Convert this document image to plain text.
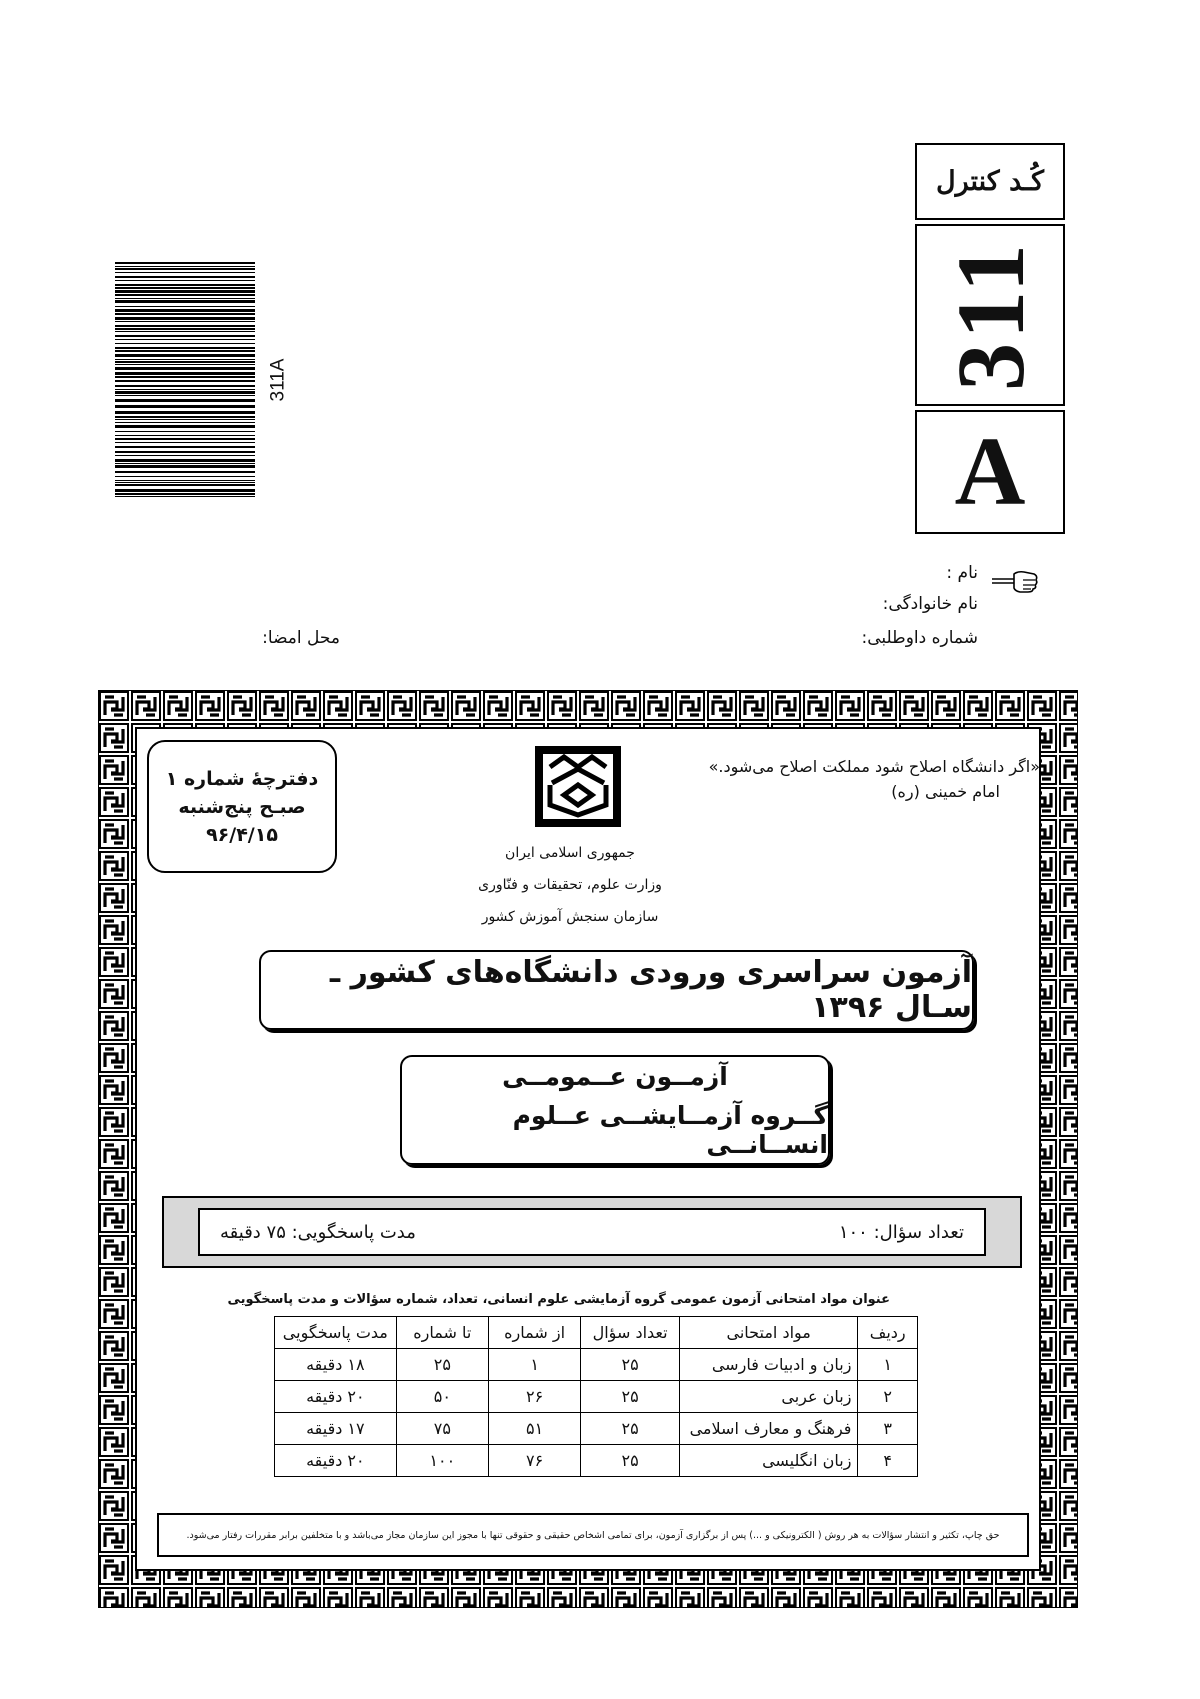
کُـد کنترل
311
A
311A
نام :
نام خانوادگی:
شماره داوطلبی:
محل امضا:
«اگر دانشگاه اصلاح شود مملکت اصلاح می‌شود.»
امام خمینی (ره)
دفترچهٔ شماره ۱
صبـح پنج‌شنبه
۹۶/۴/۱۵
جمهوری اسلامی ایران
وزارت علوم، تحقیقات و فنّاوری
سازمان سنجش آموزش کشور
آزمون سراسری ورودی دانشگاه‌های کشور ـ سـال ۱۳۹۶
آزمــون عــمومــی
گــروه آزمــایشــی عــلوم انســانــی
تعداد سؤال: ۱۰۰
مدت پاسخگویی: ۷۵ دقیقه
عنوان مواد امتحانی آزمون عمومی گروه آزمایشی علوم انسانی، تعداد، شماره سؤالات و مدت پاسخگویی
ردیف	مواد امتحانی	تعداد سؤال	از شماره	تا شماره	مدت پاسخگویی
۱	زبان و ادبیات فارسی	۲۵	۱	۲۵	۱۸ دقیقه
۲	زبان عربی	۲۵	۲۶	۵۰	۲۰ دقیقه
۳	فرهنگ و معارف اسلامی	۲۵	۵۱	۷۵	۱۷ دقیقه
۴	زبان انگلیسی	۲۵	۷۶	۱۰۰	۲۰ دقیقه
حق چاپ، تکثیر و انتشار سؤالات به هر روش ( الکترونیکی و ...) پس از برگزاری آزمون، برای تمامی اشخاص حقیقی و حقوقی تنها با مجوز این سازمان مجاز می‌باشد و با متخلفین برابر مقررات رفتار می‌شود.
